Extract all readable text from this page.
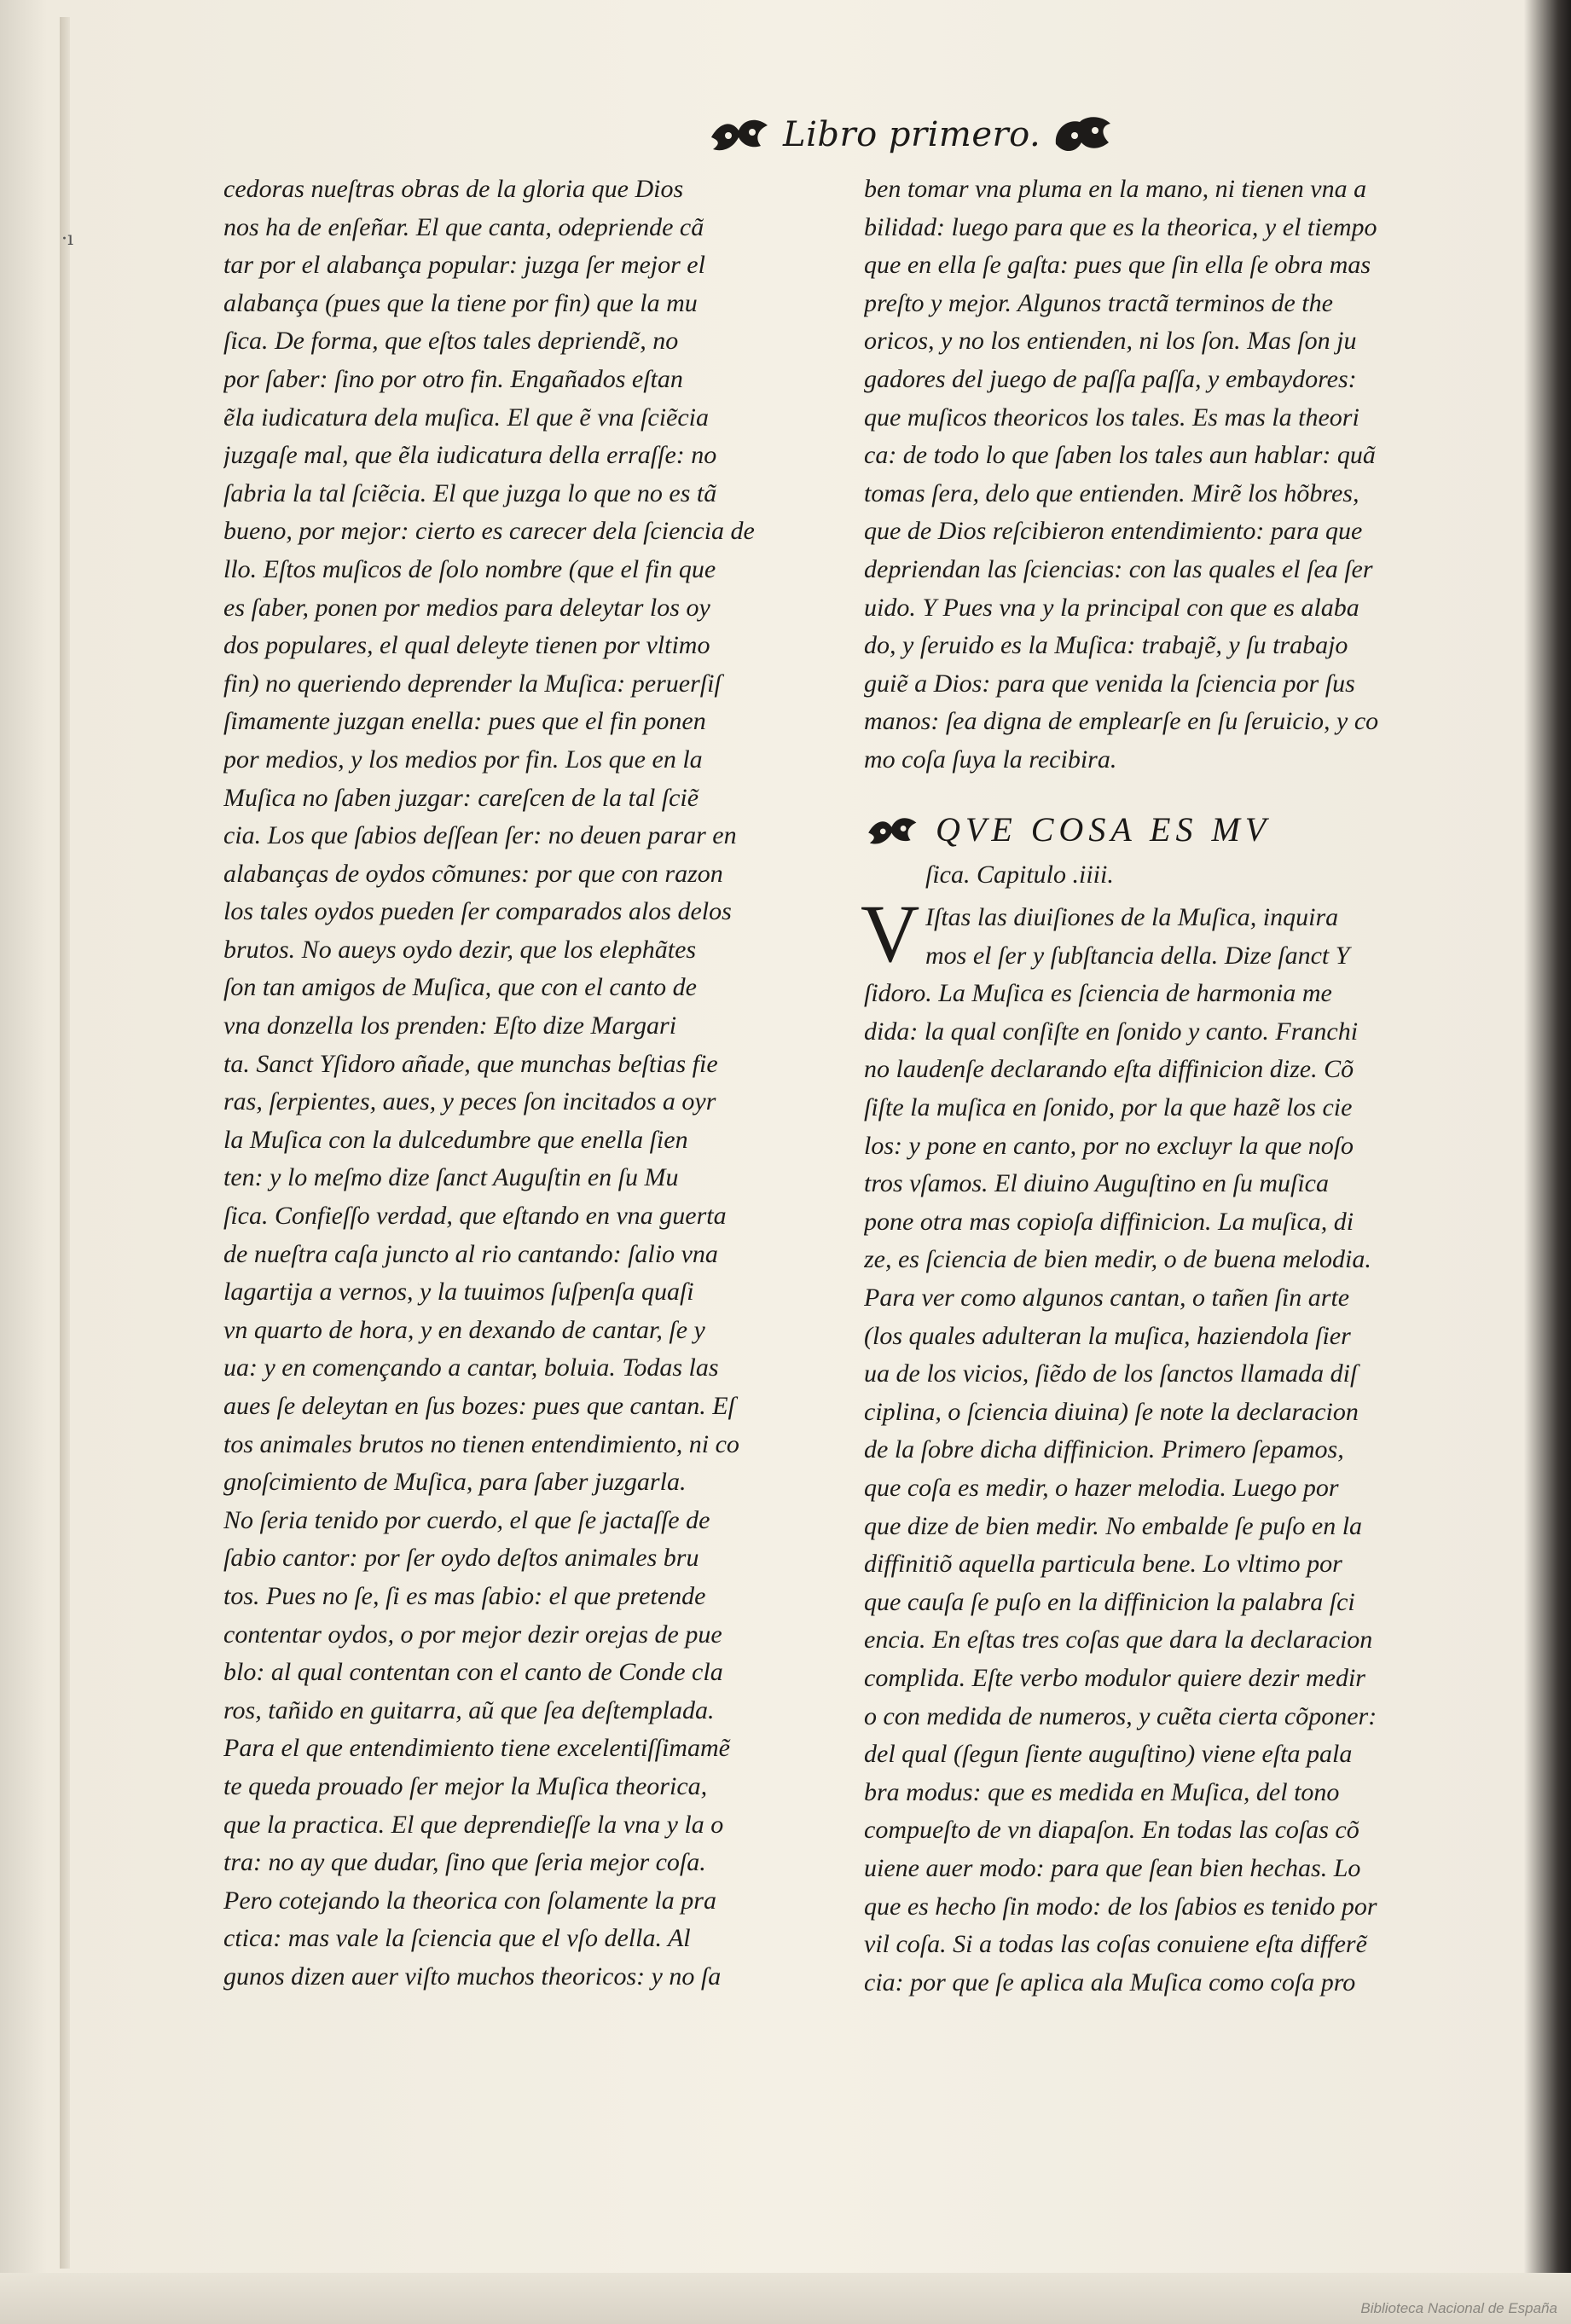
·ı
Libro primero.
cedoras nueſtras obras de la gloria que Dios
nos ha de enſeñar. El que canta, odepriende cã
tar por el alabança popular: juzga ſer mejor el
alabança (pues que la tiene por fin) que la mu
ſica. De forma, que eſtos tales depriendẽ, no
por ſaber: ſino por otro fin. Engañados eſtan
ẽla iudicatura dela muſica. El que ẽ vna ſciẽcia
juzgaſe mal, que ẽla iudicatura della erraſſe: no
ſabria la tal ſciẽcia. El que juzga lo que no es tã
bueno, por mejor: cierto es carecer dela ſciencia de
llo. Eſtos muſicos de ſolo nombre (que el fin que
es ſaber, ponen por medios para deleytar los oy
dos populares, el qual deleyte tienen por vltimo
fin) no queriendo deprender la Muſica: peruerſiſ
ſimamente juzgan enella: pues que el fin ponen
por medios, y los medios por fin. Los que en la
Muſica no ſaben juzgar: careſcen de la tal ſciẽ
cia. Los que ſabios deſſean ſer: no deuen parar en
alabanças de oydos cõmunes: por que con razon
los tales oydos pueden ſer comparados alos delos
brutos. No aueys oydo dezir, que los elephãtes
ſon tan amigos de Muſica, que con el canto de
vna donzella los prenden: Eſto dize Margari
ta. Sanct Yſidoro añade, que munchas beſtias fie
ras, ſerpientes, aues, y peces ſon incitados a oyr
la Muſica con la dulcedumbre que enella ſien
ten: y lo meſmo dize ſanct Auguſtin en ſu Mu
ſica. Confieſſo verdad, que eſtando en vna guerta
de nueſtra caſa juncto al rio cantando: ſalio vna
lagartija a vernos, y la tuuimos ſuſpenſa quaſi
vn quarto de hora, y en dexando de cantar, ſe y
ua: y en començando a cantar, boluia. Todas las
aues ſe deleytan en ſus bozes: pues que cantan. Eſ
tos animales brutos no tienen entendimiento, ni co
gnoſcimiento de Muſica, para ſaber juzgarla.
No ſeria tenido por cuerdo, el que ſe jactaſſe de
ſabio cantor: por ſer oydo deſtos animales bru
tos. Pues no ſe, ſi es mas ſabio: el que pretende
contentar oydos, o por mejor dezir orejas de pue
blo: al qual contentan con el canto de Conde cla
ros, tañido en guitarra, aũ que ſea deſtemplada.
Para el que entendimiento tiene excelentiſſimamẽ
te queda prouado ſer mejor la Muſica theorica,
que la practica. El que deprendieſſe la vna y la o
tra: no ay que dudar, ſino que ſeria mejor coſa.
Pero cotejando la theorica con ſolamente la pra
ctica: mas vale la ſciencia que el vſo della. Al
gunos dizen auer viſto muchos theoricos: y no ſa
ben tomar vna pluma en la mano, ni tienen vna a
bilidad: luego para que es la theorica, y el tiempo
que en ella ſe gaſta: pues que ſin ella ſe obra mas
preſto y mejor. Algunos tractã terminos de the
oricos, y no los entienden, ni los ſon. Mas ſon ju
gadores del juego de paſſa paſſa, y embaydores:
que muſicos theoricos los tales. Es mas la theori
ca: de todo lo que ſaben los tales aun hablar: quã
tomas ſera, delo que entienden. Mirẽ los hõbres,
que de Dios reſcibieron entendimiento: para que
depriendan las ſciencias: con las quales el ſea ſer
uido. Y Pues vna y la principal con que es alaba
do, y ſeruido es la Muſica: trabajẽ, y ſu trabajo
guiẽ a Dios: para que venida la ſciencia por ſus
manos: ſea digna de emplearſe en ſu ſeruicio, y co
mo coſa ſuya la recibira.
QVE COSA ES MV
ſica. Capitulo .iiii.
V Iſtas las diuiſiones de la Muſica, inquira
mos el ſer y ſubſtancia della. Dize ſanct Y
ſidoro. La Muſica es ſciencia de harmonia me
dida: la qual conſiſte en ſonido y canto. Franchi
no laudenſe declarando eſta diffinicion dize. Cõ
ſiſte la muſica en ſonido, por la que hazẽ los cie
los: y pone en canto, por no excluyr la que noſo
tros vſamos. El diuino Auguſtino en ſu muſica
pone otra mas copioſa diffinicion. La muſica, di
ze, es ſciencia de bien medir, o de buena melodia.
Para ver como algunos cantan, o tañen ſin arte
(los quales adulteran la muſica, haziendola ſier
ua de los vicios, ſiẽdo de los ſanctos llamada diſ
ciplina, o ſciencia diuina) ſe note la declaracion
de la ſobre dicha diffinicion. Primero ſepamos,
que coſa es medir, o hazer melodia. Luego por
que dize de bien medir. No embalde ſe puſo en la
diffinitiõ aquella particula bene. Lo vltimo por
que cauſa ſe puſo en la diffinicion la palabra ſci
encia. En eſtas tres coſas que dara la declaracion
complida. Eſte verbo modulor quiere dezir medir
o con medida de numeros, y cuẽta cierta cõponer:
del qual (ſegun ſiente auguſtino) viene eſta pala
bra modus: que es medida en Muſica, del tono
compueſto de vn diapaſon. En todas las coſas cõ
uiene auer modo: para que ſean bien hechas. Lo
que es hecho ſin modo: de los ſabios es tenido por
vil coſa. Si a todas las coſas conuiene eſta differẽ
cia: por que ſe aplica ala Muſica como coſa pro
Biblioteca Nacional de España
